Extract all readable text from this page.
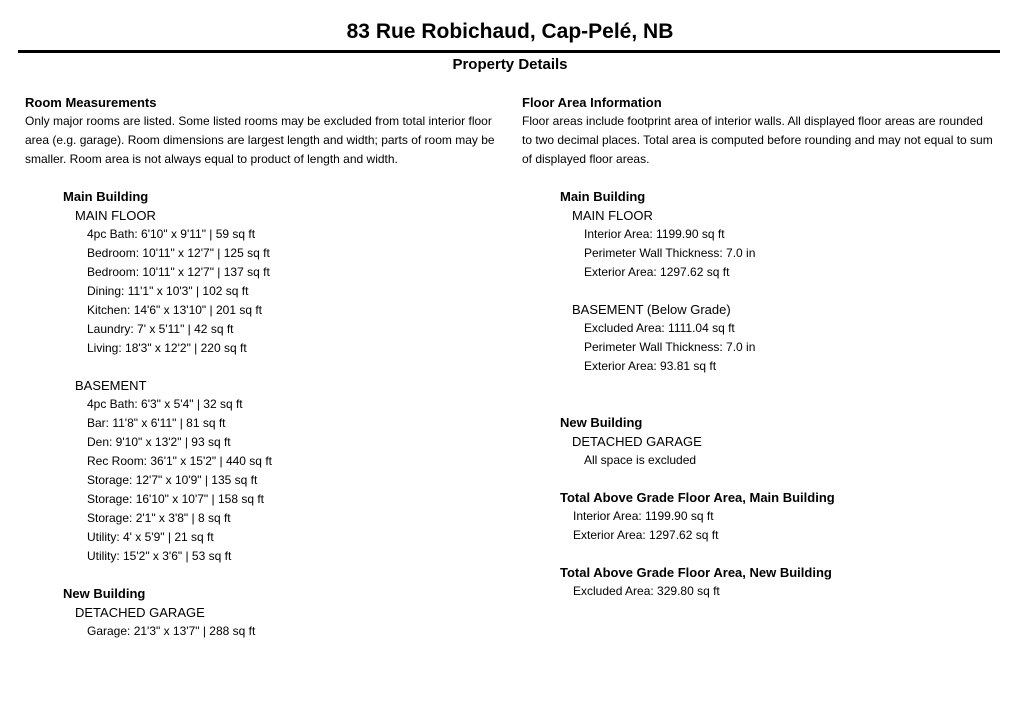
83 Rue Robichaud, Cap-Pelé, NB
Property Details
Room Measurements

Only major rooms are listed. Some listed rooms may be excluded from total interior floor area (e.g. garage). Room dimensions are largest length and width; parts of room may be smaller. Room area is not always equal to product of length and width.

Main Building
MAIN FLOOR
4pc Bath: 6'10" x 9'11" | 59 sq ft
Bedroom: 10'11" x 12'7" | 125 sq ft
Bedroom: 10'11" x 12'7" | 137 sq ft
Dining: 11'1" x 10'3" | 102 sq ft
Kitchen: 14'6" x 13'10" | 201 sq ft
Laundry: 7' x 5'11" | 42 sq ft
Living: 18'3" x 12'2" | 220 sq ft
BASEMENT
4pc Bath: 6'3" x 5'4" | 32 sq ft
Bar: 11'8" x 6'11" | 81 sq ft
Den: 9'10" x 13'2" | 93 sq ft
Rec Room: 36'1" x 15'2" | 440 sq ft
Storage: 12'7" x 10'9" | 135 sq ft
Storage: 16'10" x 10'7" | 158 sq ft
Storage: 2'1" x 3'8" | 8 sq ft
Utility: 4' x 5'9" | 21 sq ft
Utility: 15'2" x 3'6" | 53 sq ft
New Building
DETACHED GARAGE
Garage: 21'3" x 13'7" | 288 sq ft
Floor Area Information

Floor areas include footprint area of interior walls. All displayed floor areas are rounded to two decimal places. Total area is computed before rounding and may not equal to sum of displayed floor areas.

Main Building
MAIN FLOOR
Interior Area: 1199.90 sq ft
Perimeter Wall Thickness: 7.0 in
Exterior Area: 1297.62 sq ft
BASEMENT (Below Grade)
Excluded Area: 1111.04 sq ft
Perimeter Wall Thickness: 7.0 in
Exterior Area: 93.81 sq ft
New Building
DETACHED GARAGE
All space is excluded
Total Above Grade Floor Area, Main Building
Interior Area: 1199.90 sq ft
Exterior Area: 1297.62 sq ft
Total Above Grade Floor Area, New Building
Excluded Area: 329.80 sq ft
